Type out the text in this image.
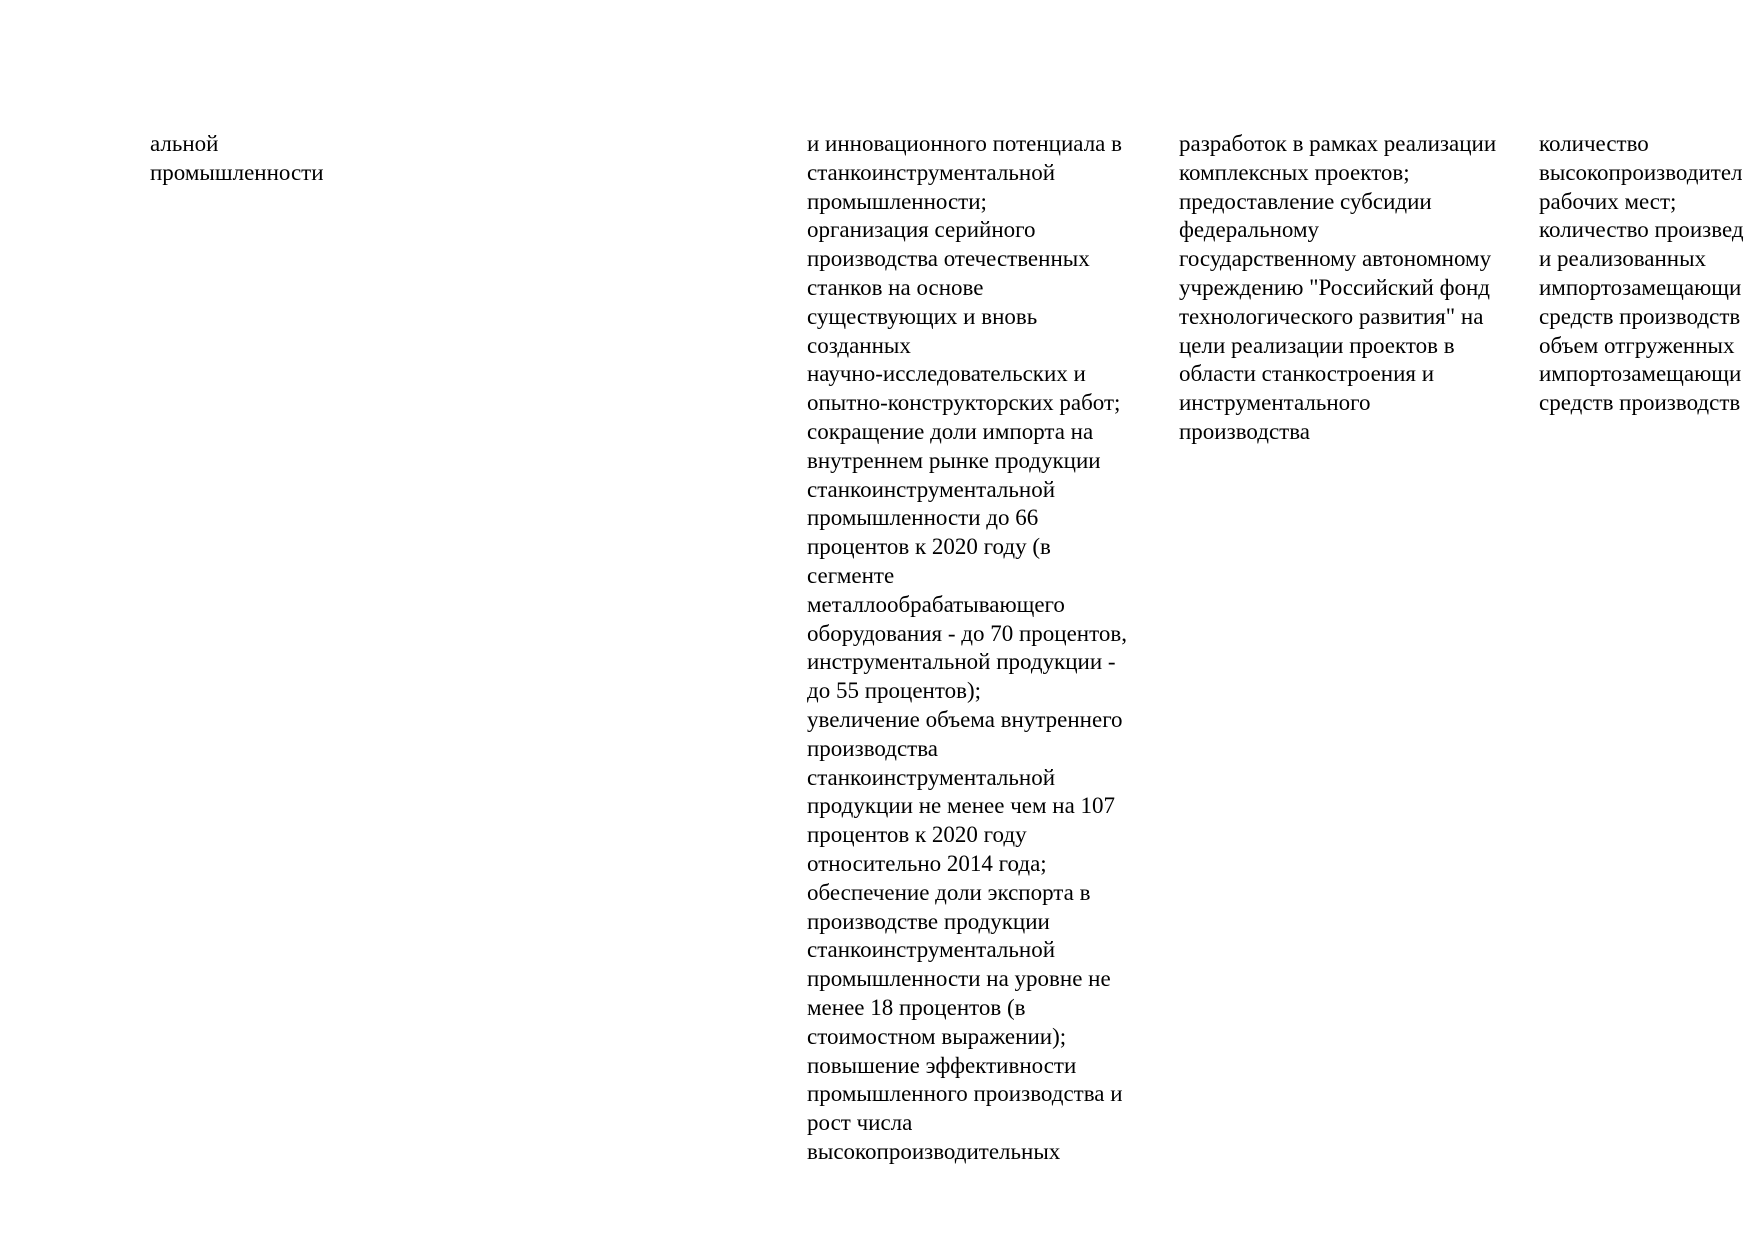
альной
промышленности
и инновационного потенциала в
станкоинструментальной
промышленности;
организация серийного
производства отечественных
станков на основе
существующих и вновь
созданных
научно-исследовательских и
опытно-конструкторских работ;
сокращение доли импорта на
внутреннем рынке продукции
станкоинструментальной
промышленности до 66
процентов к 2020 году (в
сегменте
металлообрабатывающего
оборудования - до 70 процентов,
инструментальной продукции -
до 55 процентов);
увеличение объема внутреннего
производства
станкоинструментальной
продукции не менее чем на 107
процентов к 2020 году
относительно 2014 года;
обеспечение доли экспорта в
производстве продукции
станкоинструментальной
промышленности на уровне не
менее 18 процентов (в
стоимостном выражении);
повышение эффективности
промышленного производства и
рост числа
высокопроизводительных
разработок в рамках реализации
комплексных проектов;
предоставление субсидии
федеральному
государственному автономному
учреждению "Российский фонд
технологического развития" на
цели реализации проектов в
области станкостроения и
инструментального
производства
количество
высокопроизводител
рабочих мест;
количество произвед
и реализованных
импортозамещающи
средств производств
объем отгруженных
импортозамещающи
средств производств
